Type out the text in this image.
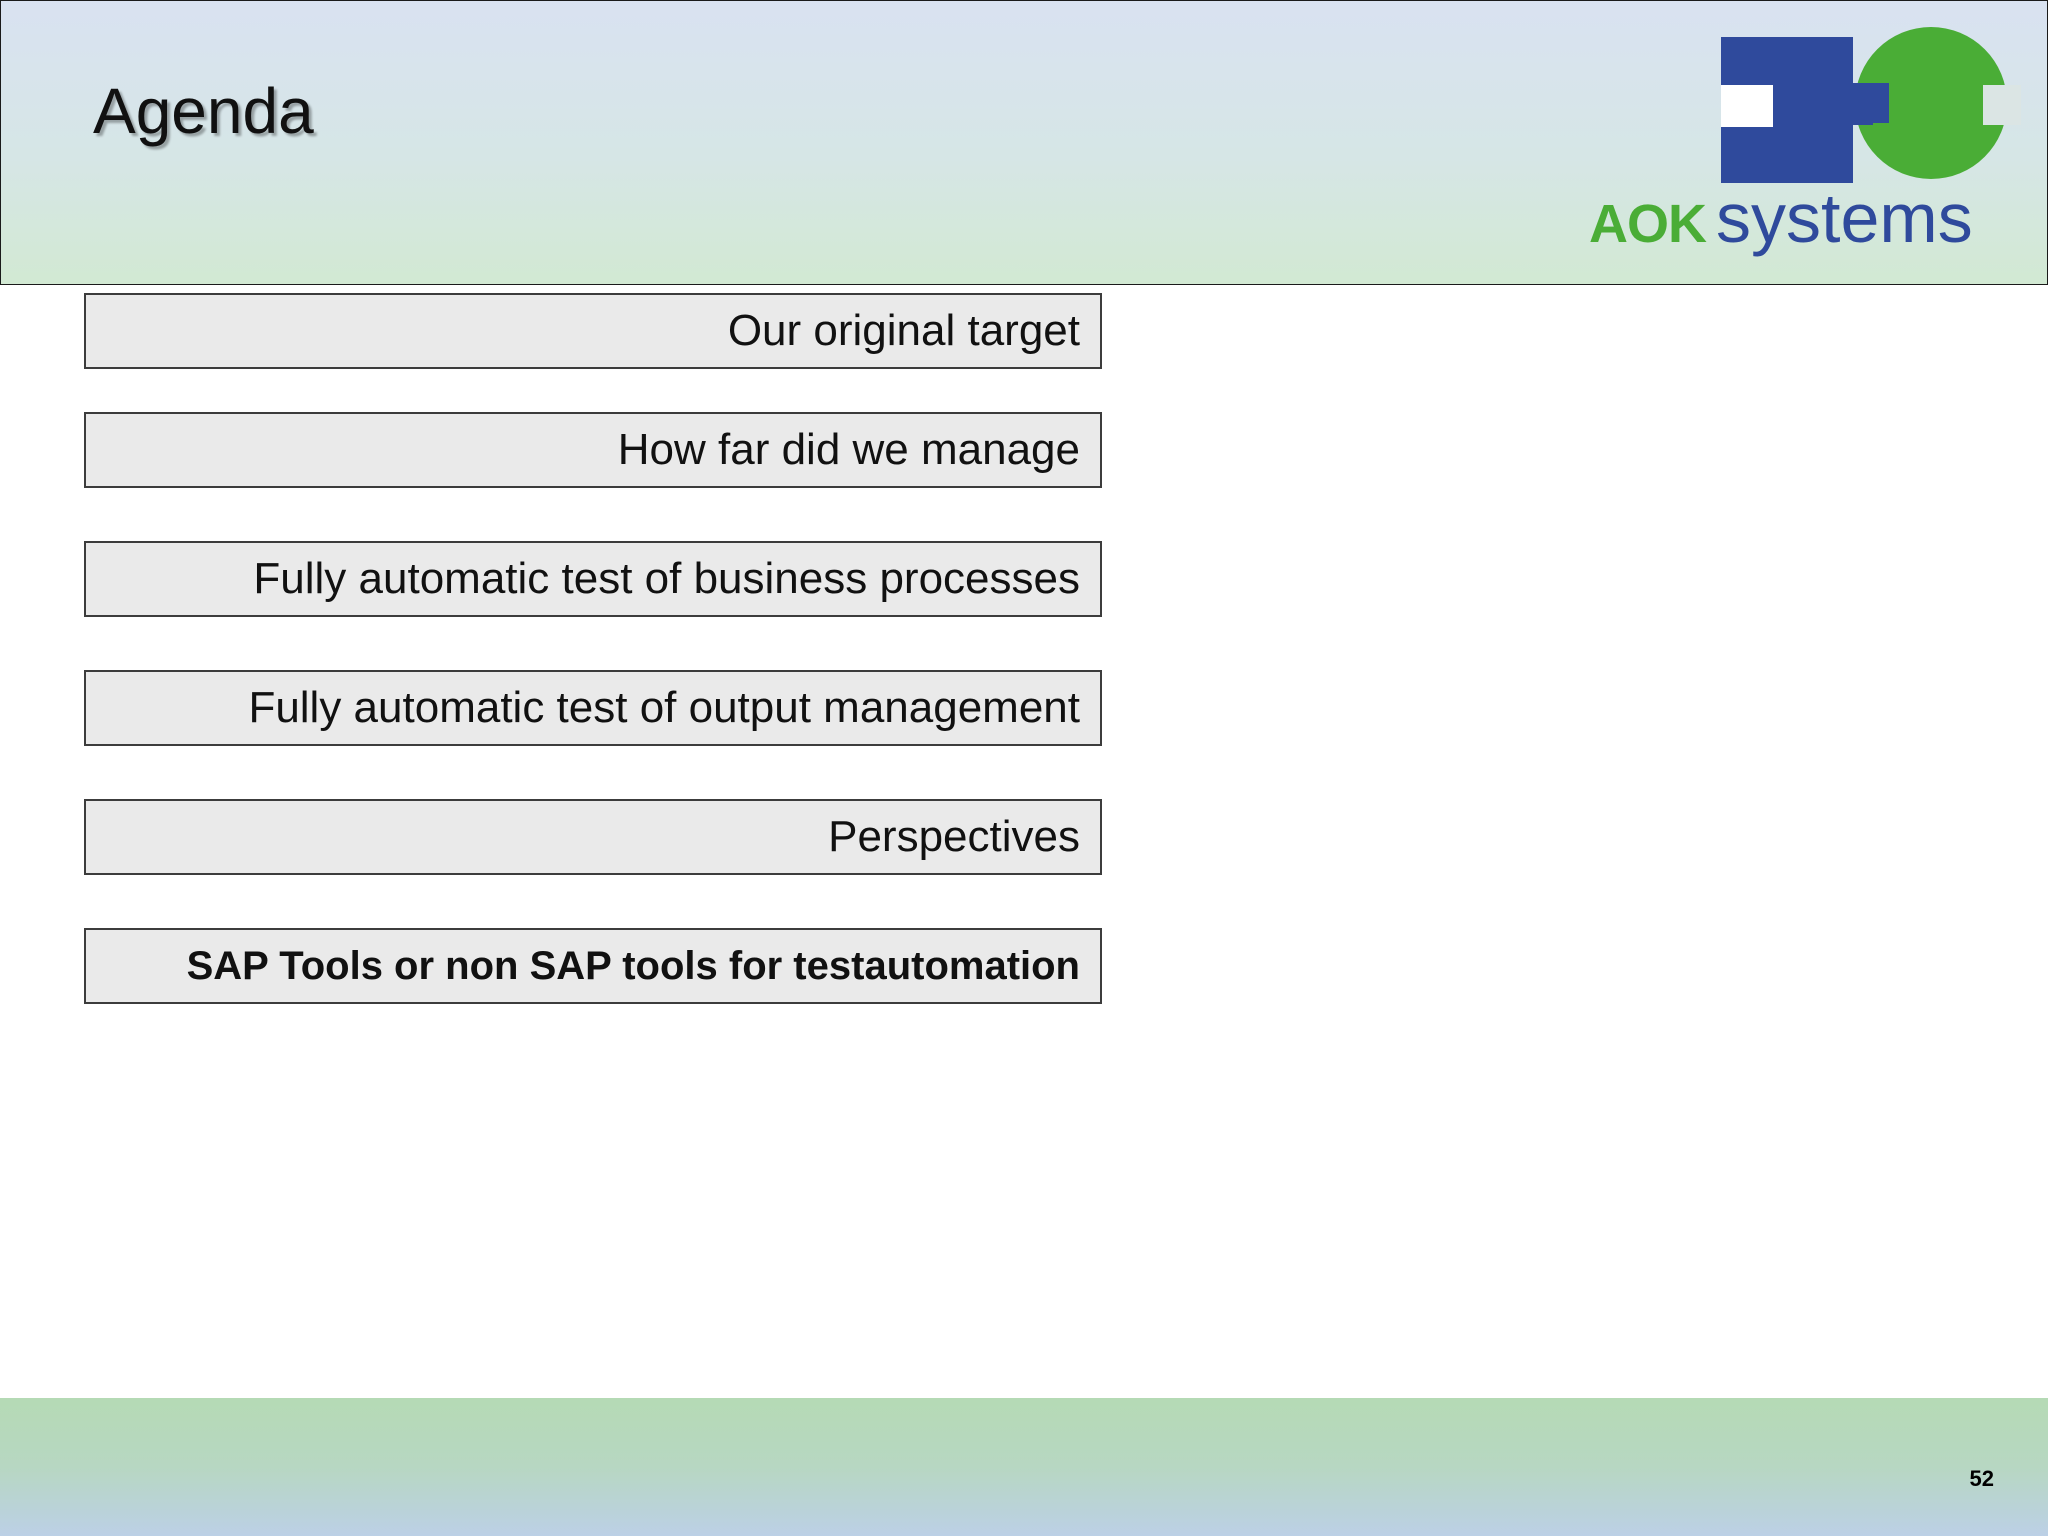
Agenda
AOK systems
Our original target
How far did we manage
Fully automatic test of business processes
Fully automatic test of output management
Perspectives
SAP Tools or non SAP tools for testautomation
52
